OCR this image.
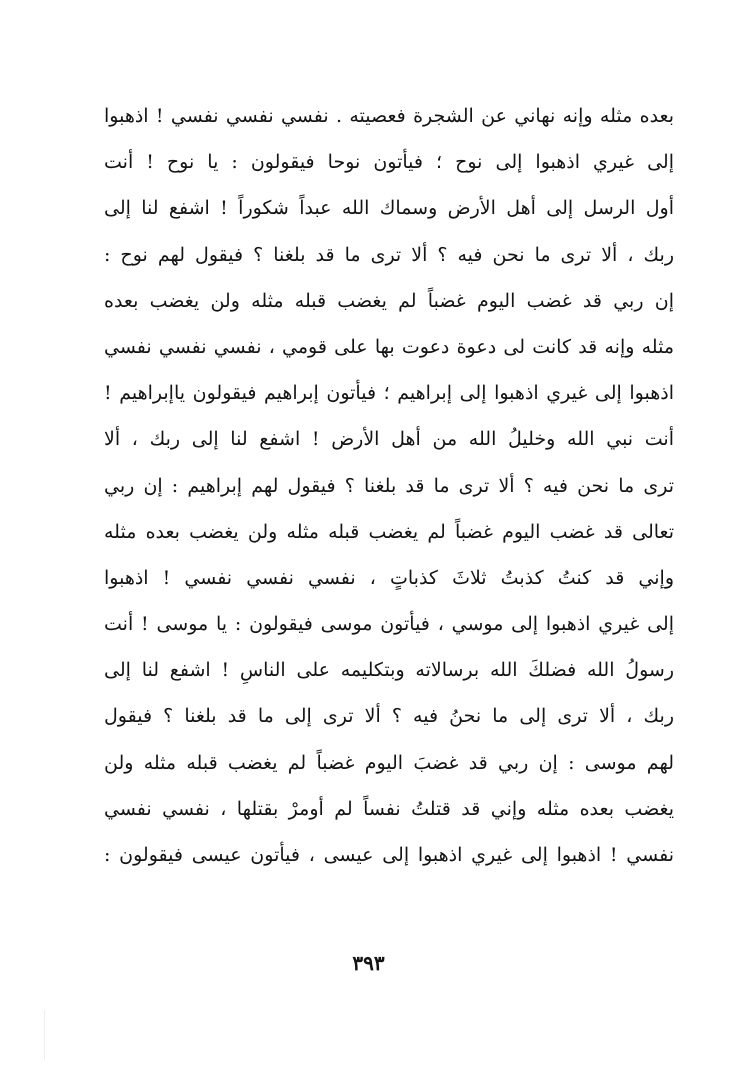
بعده مثله وإنه نهاني عن الشجرة فعصيته . نفسي نفسي نفسي ! اذهبوا
إلى غيري اذهبوا إلى نوح ؛ فيأتون نوحا فيقولون : يا نوح ! أنت
أول الرسل إلى أهل الأرض وسماك الله عبداً شكوراً ! اشفع لنا إلى
ربك ، ألا ترى ما نحن فيه ؟ ألا ترى ما قد بلغنا ؟ فيقول لهم نوح :
إن ربي قد غضب اليوم غضباً لم يغضب قبله مثله ولن يغضب بعده
مثله وإنه قد كانت لى دعوة دعوت بها على قومي ، نفسي نفسي نفسي
اذهبوا إلى غيري اذهبوا إلى إبراهيم ؛ فيأتون إبراهيم فيقولون ياإبراهيم !
أنت نبي الله وخليلُ الله من أهل الأرض ! اشفع لنا إلى ربك ، ألا
ترى ما نحن فيه ؟ ألا ترى ما قد بلغنا ؟ فيقول لهم إبراهيم : إن ربي
تعالى قد غضب اليوم غضباً لم يغضب قبله مثله ولن يغضب بعده مثله
وإني قد كنتُ كذبتُ ثلاثَ كذباتٍ ، نفسي نفسي نفسي ! اذهبوا
إلى غيري اذهبوا إلى موسي ، فيأتون موسى فيقولون : يا موسى ! أنت
رسولُ الله فضلكَ الله برسالاته وبتكليمه على الناسِ ! اشفع لنا إلى
ربك ، ألا ترى إلى ما نحنُ فيه ؟ ألا ترى إلى ما قد بلغنا ؟ فيقول
لهم موسى : إن ربي قد غضبَ اليوم غضباً لم يغضب قبله مثله ولن
يغضب بعده مثله وإني قد قتلتُ نفساً لم أومرْ بقتلها ، نفسي نفسي
نفسي ! اذهبوا إلى غيري اذهبوا إلى عيسى ، فيأتون عيسى فيقولون :
٣٩٣
